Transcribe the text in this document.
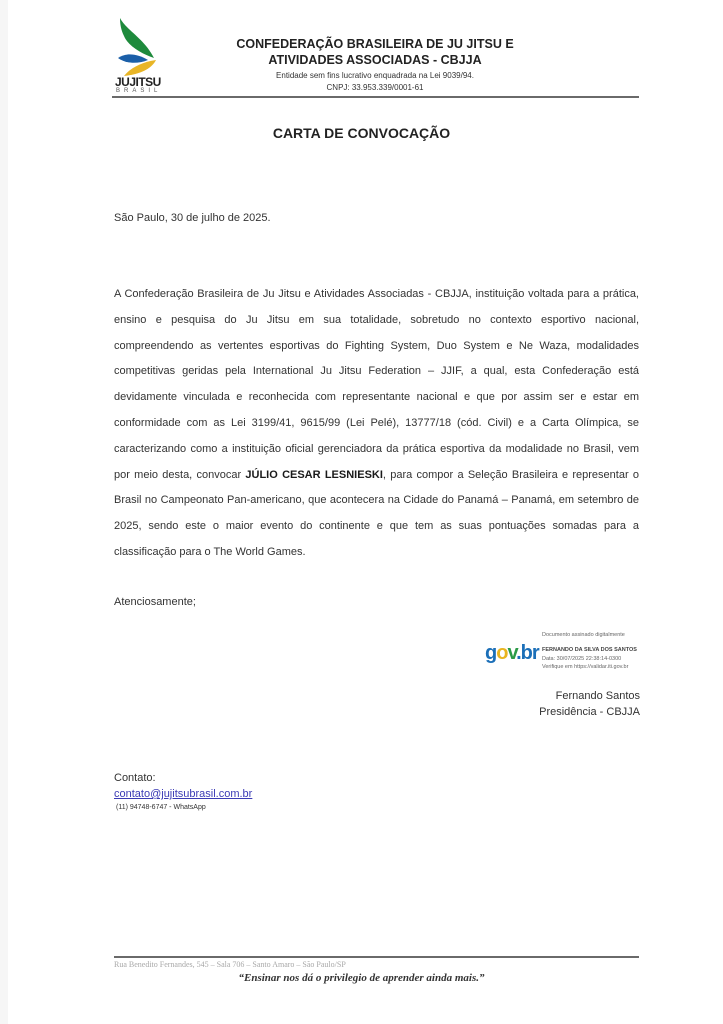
JUJITSU
BRASIL
CONFEDERAÇÃO BRASILEIRA DE JU JITSU E
ATIVIDADES ASSOCIADAS - CBJJA
Entidade sem fins lucrativo enquadrada na Lei 9039/94.
CNPJ: 33.953.339/0001-61
CARTA DE CONVOCAÇÃO
São Paulo, 30 de julho de 2025.
A Confederação Brasileira de Ju Jitsu e Atividades Associadas - CBJJA, instituição voltada para a prática, ensino e pesquisa do Ju Jitsu em sua totalidade, sobretudo no contexto esportivo nacional, compreendendo as vertentes esportivas do Fighting System, Duo System e Ne Waza, modalidades competitivas geridas pela International Ju Jitsu Federation – JJIF, a qual, esta Confederação está devidamente vinculada e reconhecida com representante nacional e que por assim ser e estar em conformidade com as Lei 3199/41, 9615/99 (Lei Pelé), 13777/18 (cód. Civil) e a Carta Olímpica, se caracterizando como a instituição oficial gerenciadora da prática esportiva da modalidade no Brasil, vem por meio desta, convocar JÚLIO CESAR LESNIESKI, para compor a Seleção Brasileira e representar o Brasil no Campeonato Pan-americano, que acontecera na Cidade do Panamá – Panamá, em setembro de 2025, sendo este o maior evento do continente e que tem as suas pontuações somadas para a classificação para o The World Games.
Atenciosamente;
gov.br
Documento assinado digitalmente
FERNANDO DA SILVA DOS SANTOS
Data: 30/07/2025 22:38:14-0300
Verifique em https://validar.iti.gov.br
Fernando Santos
Presidência - CBJJA
Contato:
contato@jujitsubrasil.com.br
(11) 94748-6747 - WhatsApp
Rua Benedito Fernandes, 545 – Sala 706 – Santo Amaro – São Paulo/SP
“Ensinar nos dá o privilegio de aprender ainda mais.”
